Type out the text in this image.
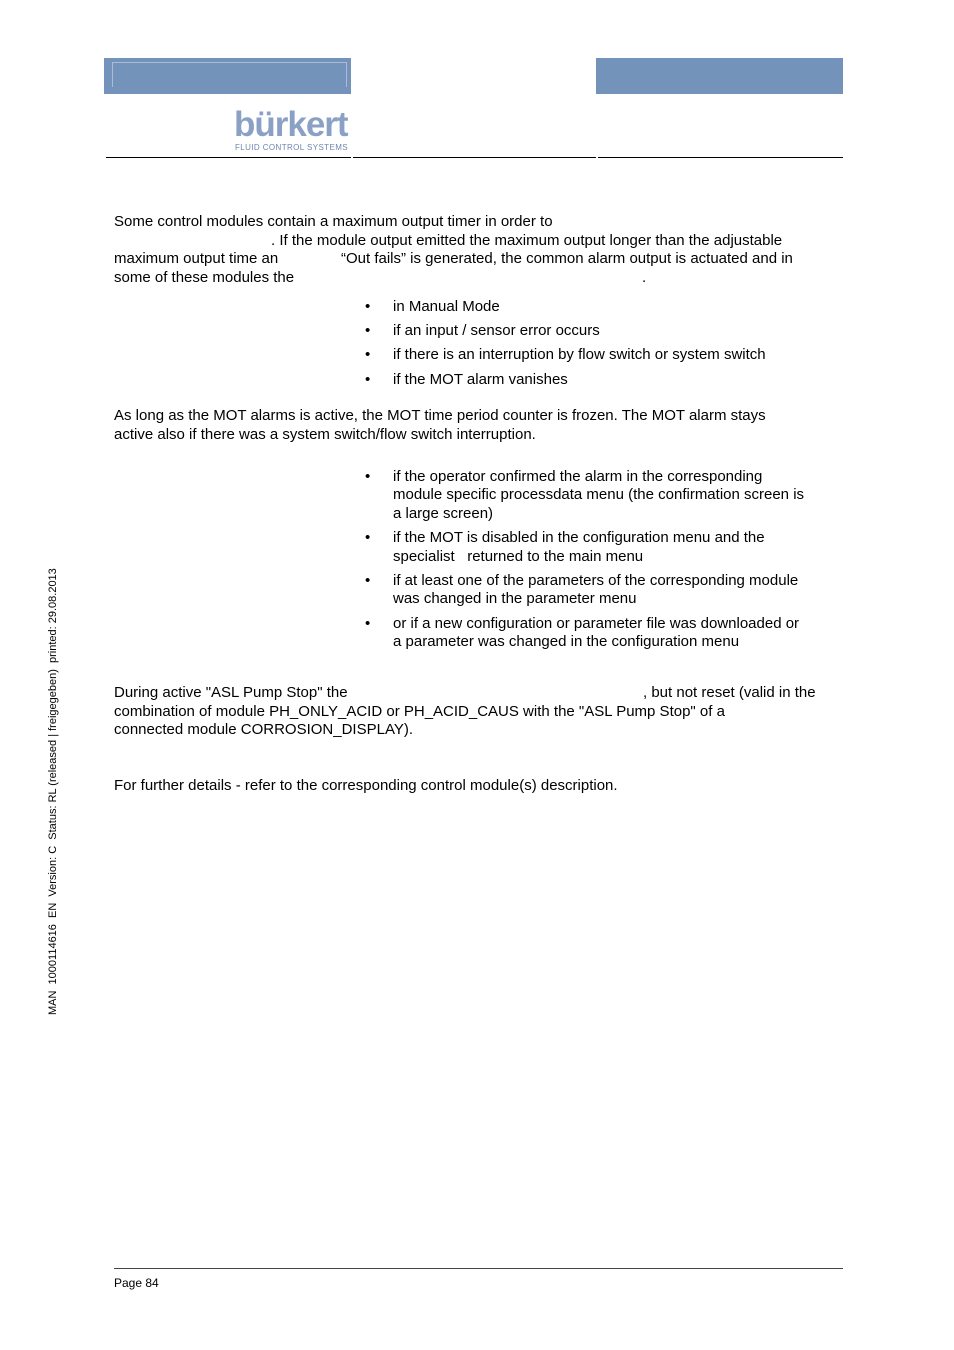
bürkert
FLUID CONTROL SYSTEMS
Some control modules contain a maximum output timer in order to
. If the module output emitted the maximum output longer than the adjustable
maximum output time an	“Out fails” is generated, the common alarm output is actuated and in
some of these modules the	.
• in Manual Mode
• if an input / sensor error occurs
• if there is an interruption by flow switch or system switch
• if the MOT alarm vanishes
As long as the MOT alarms is active, the MOT time period counter is frozen. The MOT alarm stays
active also if there was a system switch/flow switch interruption.
• if the operator confirmed the alarm in the corresponding
module specific processdata menu (the confirmation screen is
a large screen)
• if the MOT is disabled in the configuration menu and the
specialist   returned to the main menu
• if at least one of the parameters of the corresponding module
was changed in the parameter menu
• or if a new configuration or parameter file was downloaded or
a parameter was changed in the configuration menu
During active "ASL Pump Stop" the	, but not reset (valid in the
combination of module PH_ONLY_ACID or PH_ACID_CAUS with the "ASL Pump Stop" of a
connected module CORROSION_DISPLAY).
For further details - refer to the corresponding control module(s) description.
MAN  1000114616  EN  Version: C  Status: RL (released | freigegeben)  printed: 29.08.2013
Page 84
